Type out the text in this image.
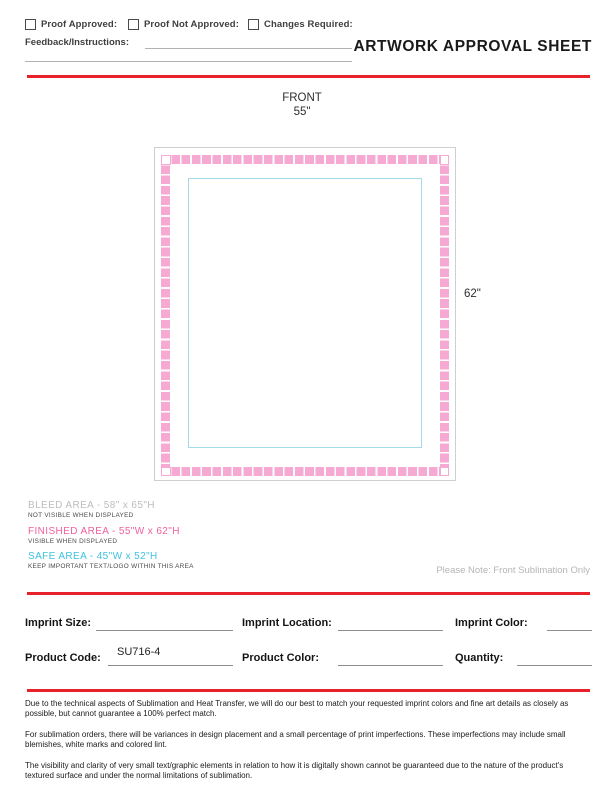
Proof Approved:	Proof Not Approved:	Changes Required:
Feedback/Instructions:	ARTWORK APPROVAL SHEET
FRONT
55"
62"
BLEED AREA - 58" x 65"H
NOT VISIBLE WHEN DISPLAYED
FINISHED AREA - 55"W x 62"H
VISIBLE WHEN DISPLAYED
SAFE AREA - 45"W x 52"H
KEEP IMPORTANT TEXT/LOGO WITHIN THIS AREA	Please Note: Front Sublimation Only
Imprint Size:	Imprint Location:	Imprint Color:
Product Code: SU716-4	Product Color:	Quantity:

Due to the technical aspects of Sublimation and Heat Transfer, we will do our best to match your requested imprint colors and fine art details as closely as possible, but cannot guarantee a 100% perfect match.

For sublimation orders, there will be variances in design placement and a small percentage of print imperfections. These imperfections may include small blemishes, white marks and colored lint.

The visibility and clarity of very small text/graphic elements in relation to how it is digitally shown cannot be guaranteed due to the nature of the product's textured surface and under the normal limitations of sublimation.
